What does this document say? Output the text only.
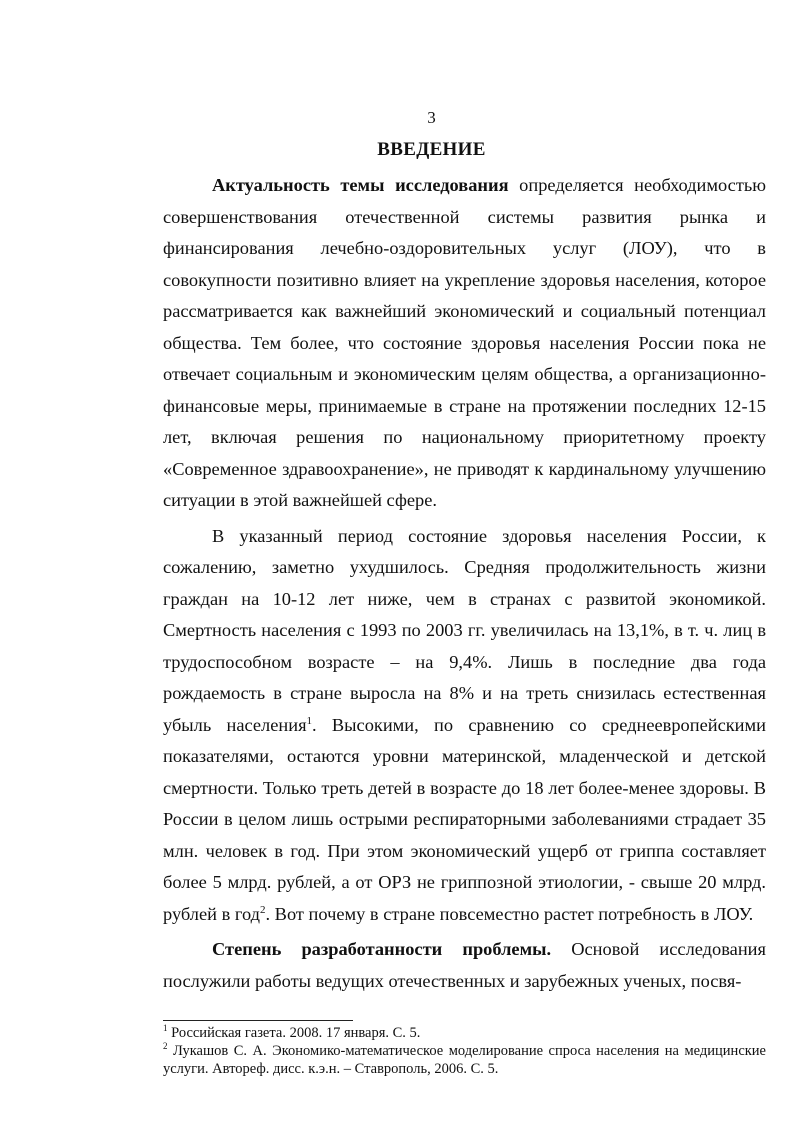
3
ВВЕДЕНИЕ

Актуальность темы исследования определяется необходимостью совершенствования отечественной системы развития рынка и финансирования лечебно-оздоровительных услуг (ЛОУ), что в совокупности позитивно влияет на укрепление здоровья населения, которое рассматривается как важнейший экономический и социальный потенциал общества. Тем более, что состояние здоровья населения России пока не отвечает социальным и экономическим целям общества, а организационно-финансовые меры, принимаемые в стране на протяжении последних 12-15 лет, включая решения по национальному приоритетному проекту «Современное здравоохранение», не приводят к кардинальному улучшению ситуации в этой важнейшей сфере.

В указанный период состояние здоровья населения России, к сожалению, заметно ухудшилось. Средняя продолжительность жизни граждан на 10-12 лет ниже, чем в странах с развитой экономикой. Смертность населения с 1993 по 2003 гг. увеличилась на 13,1%, в т. ч. лиц в трудоспособном возрасте – на 9,4%. Лишь в последние два года рождаемость в стране выросла на 8% и на треть снизилась естественная убыль населения$^1$. Высокими, по сравнению со среднеевропейскими показателями, остаются уровни материнской, младенческой и детской смертности. Только треть детей в возрасте до 18 лет более-менее здоровы. В России в целом лишь острыми респираторными заболеваниями страдает 35 млн. человек в год. При этом экономический ущерб от гриппа составляет более 5 млрд. рублей, а от ОРЗ не гриппозной этиологии, - свыше 20 млрд. рублей в год$^2$. Вот почему в стране повсеместно растет потребность в ЛОУ.

Степень разработанности проблемы. Основой исследования послужили работы ведущих отечественных и зарубежных ученых, посвя-

$^1$ Российская газета. 2008. 17 января. С. 5.

$^2$ Лукашов С. А. Экономико-математическое моделирование спроса населения на медицинские услуги. Автореф. дисс. к.э.н. – Ставрополь, 2006. С. 5.
